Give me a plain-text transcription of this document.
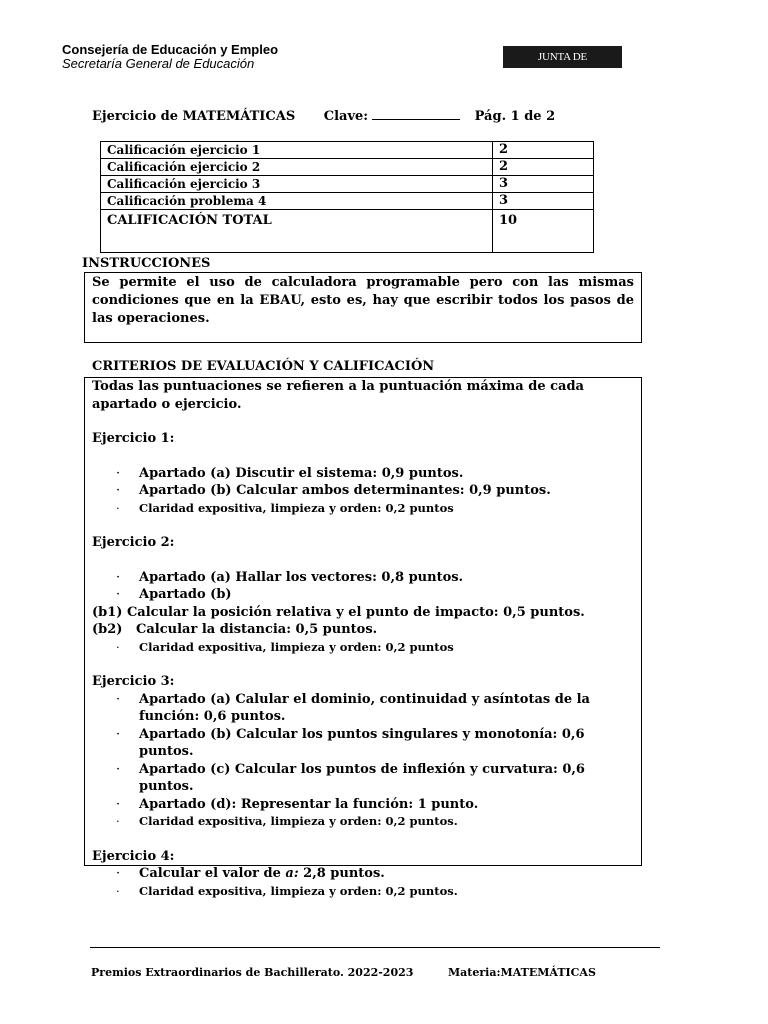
Consejería de Educación y Empleo
Secretaría General de Educación	JUNTA DE EXTREMADURA
Ejercicio de MATEMÁTICAS Clave:	Pág. 1 de 2
Calificación ejercicio 1	2
Calificación ejercicio 2	2
Calificación ejercicio 3	3
Calificación problema 4	3
CALIFICACIÓN TOTAL	10
INSTRUCCIONES

Se permite el uso de calculadora programable pero con las mismas condiciones que en la EBAU, esto es, hay que escribir todos los pasos de las operaciones.

CRITERIOS DE EVALUACIÓN Y CALIFICACIÓN

Todas las puntuaciones se refieren a la puntuación máxima de cada apartado o ejercicio.

Ejercicio 1:

· Apartado (a) Discutir el sistema: 0,9 puntos.
· Apartado (b) Calcular ambos determinantes: 0,9 puntos.
· Claridad expositiva, limpieza y orden: 0,2 puntos

Ejercicio 2:

· Apartado (a) Hallar los vectores: 0,8 puntos.
· Apartado (b)

(b1) Calcular la posición relativa y el punto de impacto: 0,5 puntos.

(b2)   Calcular la distancia: 0,5 puntos.

· Claridad expositiva, limpieza y orden: 0,2 puntos

Ejercicio 3:

· Apartado (a) Calular el dominio, continuidad y asíntotas de la función: 0,6 puntos.
· Apartado (b) Calcular los puntos singulares y monotonía: 0,6 puntos.
· Apartado (c) Calcular los puntos de inflexión y curvatura: 0,6 puntos.
· Apartado (d): Representar la función: 1 punto.
· Claridad expositiva, limpieza y orden: 0,2 puntos.

Ejercicio 4:

· Calcular el valor de a: 2,8 puntos.
· Claridad expositiva, limpieza y orden: 0,2 puntos.
Premios Extraordinarios de Bachillerato. 2022-2023	Materia:MATEMÁTICAS
